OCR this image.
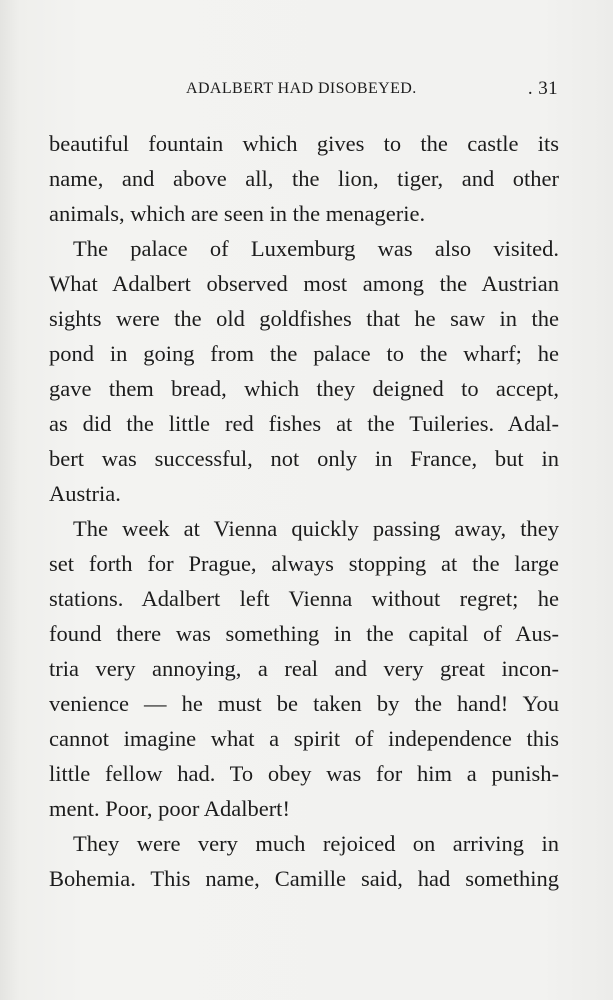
ADALBERT HAD DISOBEYED.	. 31
beautiful fountain which gives to the castle its
name, and above all, the lion, tiger, and other
animals, which are seen in the menagerie.
The palace of Luxemburg was also visited.
What Adalbert observed most among the Austrian
sights were the old goldfishes that he saw in the
pond in going from the palace to the wharf; he
gave them bread, which they deigned to accept,
as did the little red fishes at the Tuileries. Adal-
bert was successful, not only in France, but in
Austria.
The week at Vienna quickly passing away, they
set forth for Prague, always stopping at the large
stations. Adalbert left Vienna without regret; he
found there was something in the capital of Aus-
tria very annoying, a real and very great incon-
venience — he must be taken by the hand! You
cannot imagine what a spirit of independence this
little fellow had. To obey was for him a punish-
ment. Poor, poor Adalbert!
They were very much rejoiced on arriving in
Bohemia. This name, Camille said, had something
